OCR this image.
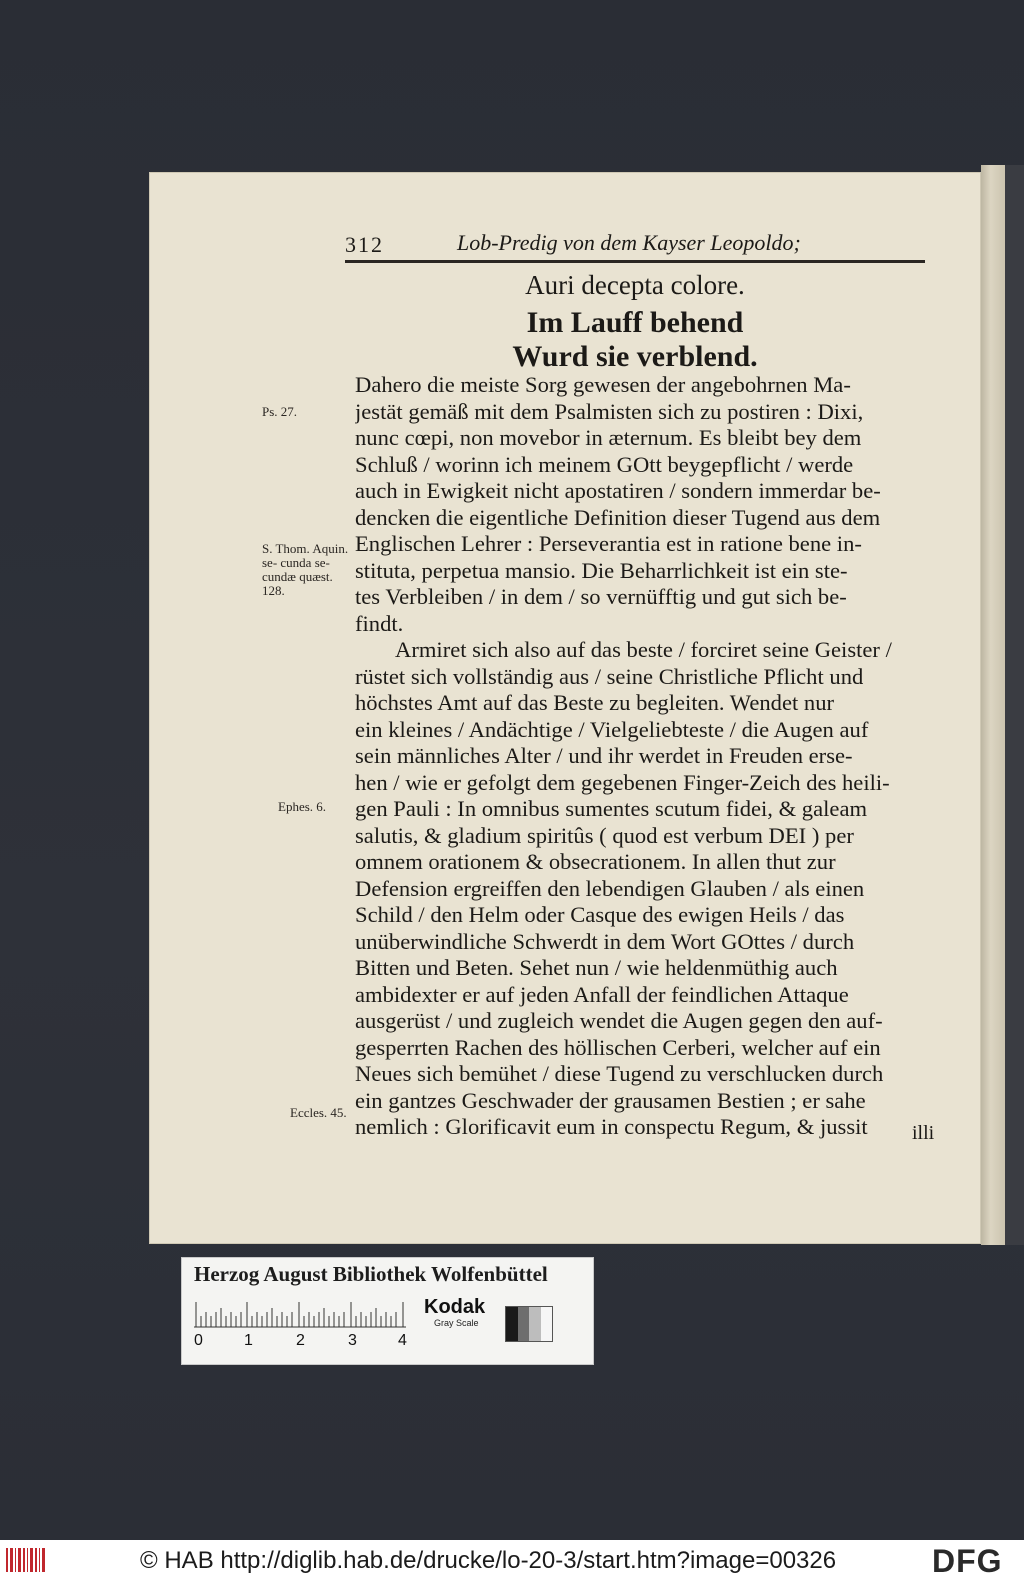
312	Lob-Predig von dem Kayser Leopoldo;
Auri decepta colore.
Im Lauff behend
Wurd sie verblend.
Dahero die meiste Sorg gewesen der angebohrnen Ma-
jestät gemäß mit dem Psalmisten sich zu postiren : Dixi,
nunc cœpi, non movebor in æternum. Es bleibt bey dem
Schluß / worinn ich meinem GOtt beygepflicht / werde
auch in Ewigkeit nicht apostatiren / sondern immerdar be-
dencken die eigentliche Definition dieser Tugend aus dem
Englischen Lehrer : Perseverantia est in ratione bene in-
stituta, perpetua mansio. Die Beharrlichkeit ist ein ste-
tes Verbleiben / in dem / so vernüfftig und gut sich be-
findt.
Armiret sich also auf das beste / forciret seine Geister /
rüstet sich vollständig aus / seine Christliche Pflicht und
höchstes Amt auf das Beste zu begleiten. Wendet nur
ein kleines / Andächtige / Vielgeliebteste / die Augen auf
sein männliches Alter / und ihr werdet in Freuden erse-
hen / wie er gefolgt dem gegebenen Finger-Zeich des heili-
gen Pauli : In omnibus sumentes scutum fidei, & galeam
salutis, & gladium spiritûs ( quod est verbum DEI ) per
omnem orationem & obsecrationem. In allen thut zur
Defension ergreiffen den lebendigen Glauben / als einen
Schild / den Helm oder Casque des ewigen Heils / das
unüberwindliche Schwerdt in dem Wort GOttes / durch
Bitten und Beten. Sehet nun / wie heldenmüthig auch
ambidexter er auf jeden Anfall der feindlichen Attaque
ausgerüst / und zugleich wendet die Augen gegen den auf-
gesperrten Rachen des höllischen Cerberi, welcher auf ein
Neues sich bemühet / diese Tugend zu verschlucken durch
ein gantzes Geschwader der grausamen Bestien ; er sahe
nemlich : Glorificavit eum in conspectu Regum, & jussit
Ps. 27.
S. Thom. Aquin. se- cunda se- cundæ quæst. 128.
Ephes. 6.
Eccles. 45.
illi
Herzog August Bibliothek Wolfenbüttel
0	1	2	3	4
Kodak
Gray Scale
© HAB http://diglib.hab.de/drucke/lo-20-3/start.htm?image=00326	DFG
